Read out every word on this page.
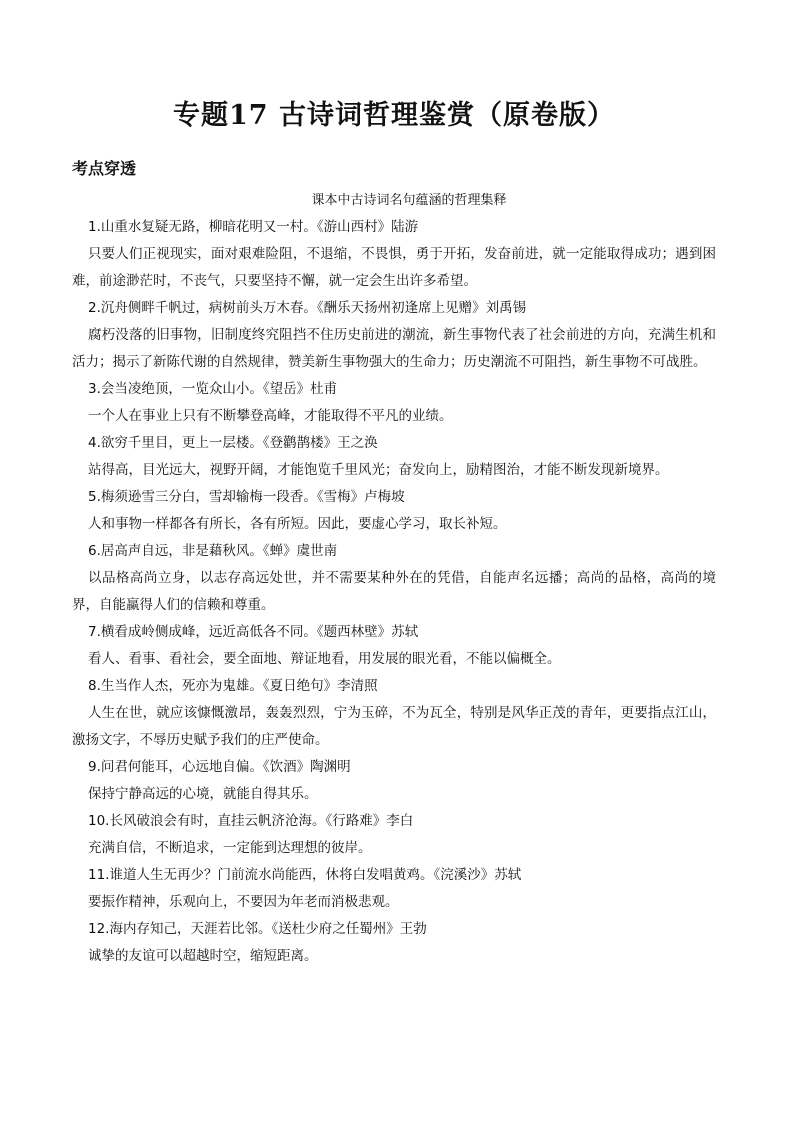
专题17 古诗词哲理鉴赏（原卷版）
考点穿透
课本中古诗词名句蕴涵的哲理集释

1.山重水复疑无路，柳暗花明又一村。《游山西村》陆游

只要人们正视现实，面对艰难险阻，不退缩，不畏惧，勇于开拓，发奋前进，就一定能取得成功；遇到困难，前途渺茫时，不丧气，只要坚持不懈，就一定会生出许多希望。

2.沉舟侧畔千帆过，病树前头万木春。《酬乐天扬州初逢席上见赠》刘禹锡

腐朽没落的旧事物，旧制度终究阻挡不住历史前进的潮流，新生事物代表了社会前进的方向，充满生机和活力；揭示了新陈代谢的自然规律，赞美新生事物强大的生命力；历史潮流不可阻挡，新生事物不可战胜。

3.会当凌绝顶，一览众山小。《望岳》杜甫

一个人在事业上只有不断攀登高峰，才能取得不平凡的业绩。

4.欲穷千里目，更上一层楼。《登鹳鹊楼》王之涣

站得高，目光远大，视野开阔，才能饱览千里风光；奋发向上，励精图治，才能不断发现新境界。

5.梅须逊雪三分白，雪却输梅一段香。《雪梅》卢梅坡

人和事物一样都各有所长，各有所短。因此，要虚心学习，取长补短。

6.居高声自远，非是藉秋风。《蝉》虞世南

以品格高尚立身，以志存高远处世，并不需要某种外在的凭借，自能声名远播；高尚的品格，高尚的境界，自能赢得人们的信赖和尊重。

7.横看成岭侧成峰，远近高低各不同。《题西林壁》苏轼

看人、看事、看社会，要全面地、辩证地看，用发展的眼光看，不能以偏概全。

8.生当作人杰，死亦为鬼雄。《夏日绝句》李清照

人生在世，就应该慷慨激昂，轰轰烈烈，宁为玉碎，不为瓦全，特别是风华正茂的青年，更要指点江山，激扬文字，不辱历史赋予我们的庄严使命。

9.问君何能耳，心远地自偏。《饮酒》陶渊明

保持宁静高远的心境，就能自得其乐。

10.长风破浪会有时，直挂云帆济沧海。《行路难》李白

充满自信，不断追求，一定能到达理想的彼岸。

11.谁道人生无再少？门前流水尚能西，休将白发唱黄鸡。《浣溪沙》苏轼

要振作精神，乐观向上，不要因为年老而消极悲观。

12.海内存知己，天涯若比邻。《送杜少府之任蜀州》王勃

诚挚的友谊可以超越时空，缩短距离。
